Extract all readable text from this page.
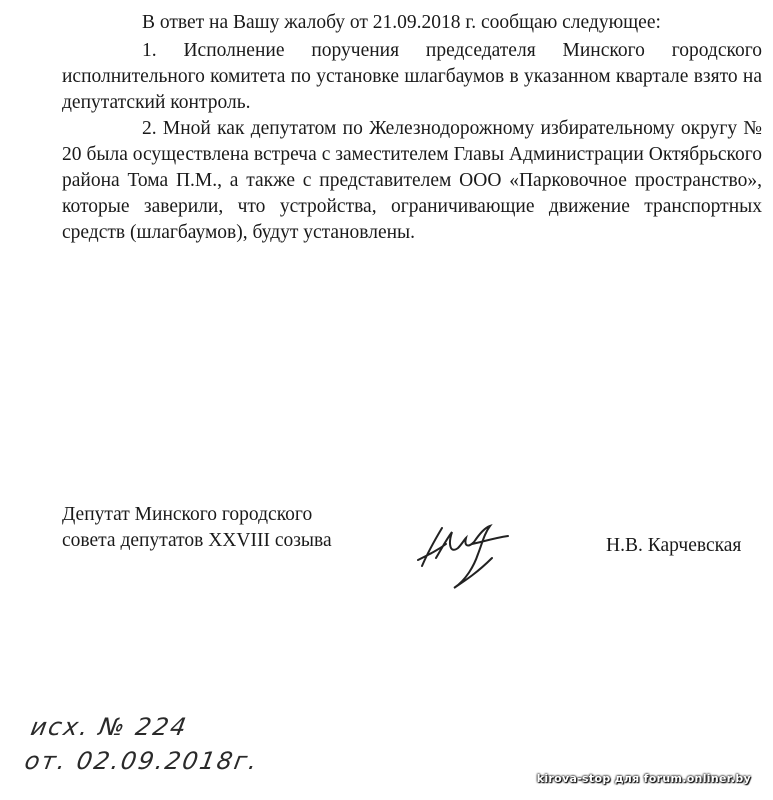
В ответ на Вашу жалобу от 21.09.2018 г. сообщаю следующее:

1. Исполнение поручения председателя Минского городского исполнительного комитета по установке шлагбаумов в указанном квартале взято на депутатский контроль.

2. Мной как депутатом по Железнодорожному избирательному округу № 20 была осуществлена встреча с заместителем Главы Администрации Октябрьского района Тома П.М., а также с представителем ООО «Парковочное пространство», которые заверили, что устройства, ограничивающие движение транспортных средств (шлагбаумов), будут установлены.

Депутат Минского городского
совета депутатов XXVIII созыва	Н.В. Карчевская
исх. № 224
от. 02.09.2018г.
kirova-stop для forum.onliner.by
